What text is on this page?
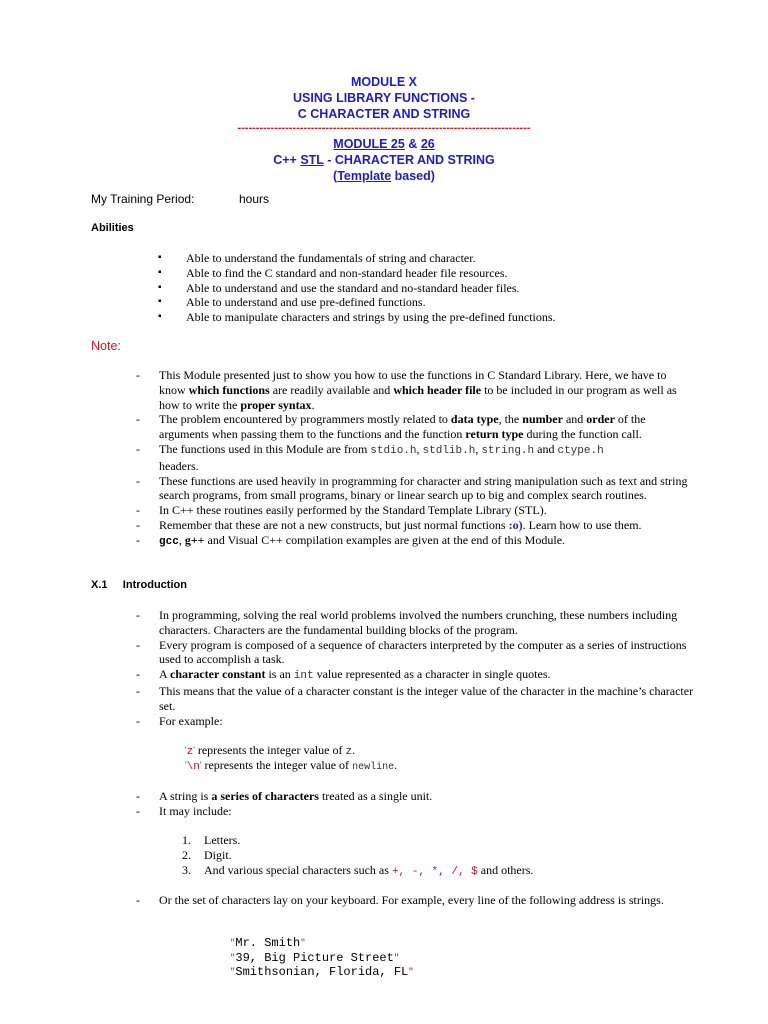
MODULE X
USING LIBRARY FUNCTIONS -
C CHARACTER AND STRING
--------------------------------------------------------------------------------
MODULE 25 & 26
C++ STL - CHARACTER AND STRING
(Template based)
My Training Period:	hours
Abilities
▪ Able to understand the fundamentals of string and character.
▪ Able to find the C standard and non-standard header file resources.
▪ Able to understand and use the standard and no-standard header files.
▪ Able to understand and use pre-defined functions.
▪ Able to manipulate characters and strings by using the pre-defined functions.
Note:
- This Module presented just to show you how to use the functions in C Standard Library. Here, we have to know which functions are readily available and which header file to be included in our program as well as how to write the proper syntax.
- The problem encountered by programmers mostly related to data type, the number and order of the arguments when passing them to the functions and the function return type during the function call.
- The functions used in this Module are from stdio.h, stdlib.h, string.h and ctype.h
headers.
- These functions are used heavily in programming for character and string manipulation such as text and string search programs, from small programs, binary or linear search up to big and complex search routines.
- In C++ these routines easily performed by the Standard Template Library (STL).
- Remember that these are not a new constructs, but just normal functions :o). Learn how to use them.
- gcc, g++ and Visual C++ compilation examples are given at the end of this Module.
X.1     Introduction
- In programming, solving the real world problems involved the numbers crunching, these numbers including characters. Characters are the fundamental building blocks of the program.
- Every program is composed of a sequence of characters interpreted by the computer as a series of instructions used to accomplish a task.
- A character constant is an int value represented as a character in single quotes.
- This means that the value of a character constant is the integer value of the character in the machine’s character set.
- For example:
'z' represents the integer value of z.
'\n' represents the integer value of newline.
- A string is a series of characters treated as a single unit.
- It may include:
1. Letters.
2. Digit.
3. And various special characters such as +, -, *, /, $ and others.
- Or the set of characters lay on your keyboard. For example, every line of the following address is strings.
"Mr. Smith"
"39, Big Picture Street"
"Smithsonian, Florida, FL"
